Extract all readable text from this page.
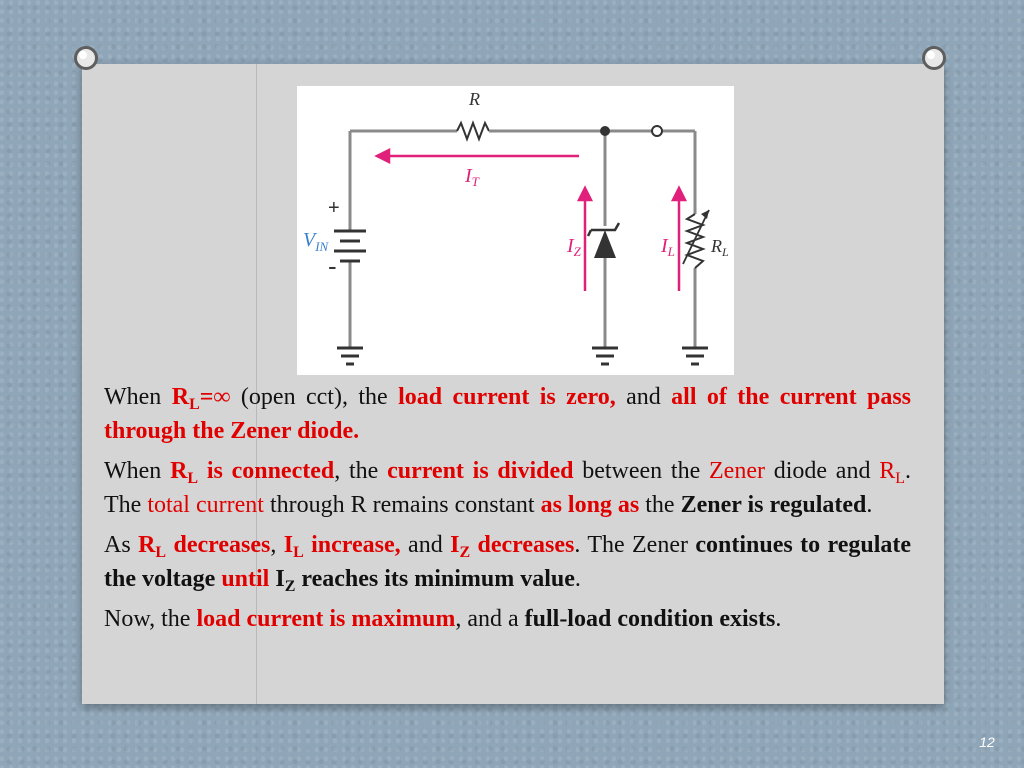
R
$I_T$
+
-
$V_{IN}$	$I_Z$	$I_L$ $R_L$

When $R_L=\infty$ (open cct), the load current is zero, and all of the current pass through the Zener diode.

When $R_L$ is connected, the current is divided between the Zener diode and $R_L$. The total current through R remains constant as long as the Zener is regulated.

As $R_L$ decreases, $I_L$ increase, and $I_Z$ decreases. The Zener continues to regulate the voltage until $I_Z$ reaches its minimum value.

Now, the load current is maximum, and a full-load condition exists.

12
